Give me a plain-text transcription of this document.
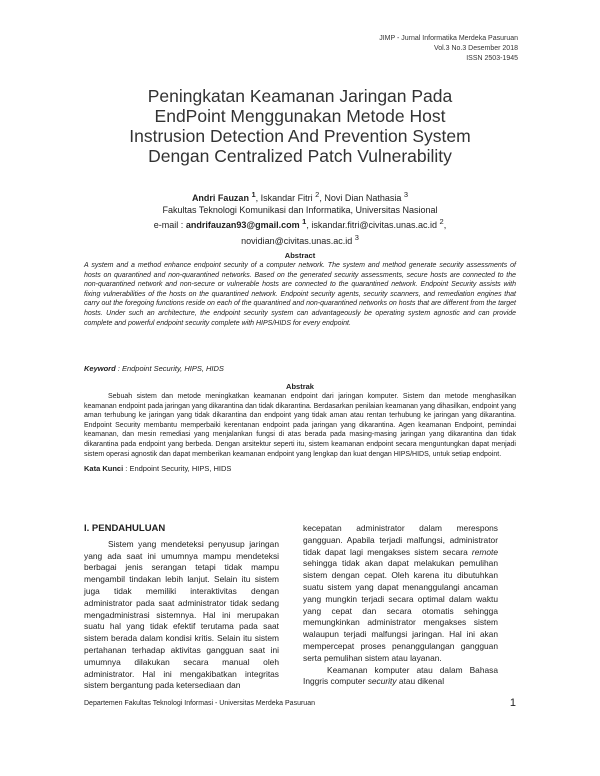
JIMP - Jurnal Informatika Merdeka Pasuruan
Vol.3 No.3 Desember 2018
ISSN 2503-1945
Peningkatan Keamanan Jaringan Pada
EndPoint Menggunakan Metode Host
Instrusion Detection And Prevention System
Dengan Centralized Patch Vulnerability
Andri Fauzan $^1$, Iskandar Fitri $^2$, Novi Dian Nathasia $^3$
Fakultas Teknologi Komunikasi dan Informatika, Universitas Nasional
e-mail : andrifauzan93@gmail.com $^1$, iskandar.fitri@civitas.unas.ac.id $^2$,
novidian@civitas.unas.ac.id $^3$
Abstract
A system and a method enhance endpoint security of a computer network. The system and method generate security assessments of hosts on quarantined and non-quarantined networks. Based on the generated security assessments, secure hosts are connected to the non-quarantined network and non-secure or vulnerable hosts are connected to the quarantined network. Endpoint Security assists with fixing vulnerabilities of the hosts on the quarantined network. Endpoint security agents, security scanners, and remediation engines that carry out the foregoing functions reside on each of the quarantined and non-quarantined networks on hosts that are different from the target hosts. Under such an architecture, the endpoint security system can advantageously be operating system agnostic and can provide complete and powerful endpoint security complete with HIPS/HIDS for every endpoint.
Keyword : Endpoint Security, HIPS, HIDS
Abstrak
Sebuah sistem dan metode meningkatkan keamanan endpoint dari jaringan komputer. Sistem dan metode menghasilkan keamanan endpoint pada jaringan yang dikarantina dan tidak dikarantina. Berdasarkan penilaian keamanan yang dihasilkan, endpoint yang aman terhubung ke jaringan yang tidak dikarantina dan endpoint yang tidak aman atau rentan terhubung ke jaringan yang dikarantina. Endpoint Security membantu memperbaiki kerentanan endpoint pada jaringan yang dikarantina. Agen keamanan Endpoint, pemindai keamanan, dan mesin remediasi yang menjalankan fungsi di atas berada pada masing-masing jaringan yang dikarantina dan tidak dikarantina pada endpoint yang berbeda. Dengan arsitektur seperti itu, sistem keamanan endpoint secara menguntungkan dapat menjadi sistem operasi agnostik dan dapat memberikan keamanan endpoint yang lengkap dan kuat dengan HIPS/HIDS, untuk setiap endpoint.
Kata Kunci : Endpoint Security, HIPS, HIDS
I. PENDAHULUAN

Sistem yang mendeteksi penyusup jaringan yang ada saat ini umumnya mampu mendeteksi berbagai jenis serangan tetapi tidak mampu mengambil tindakan lebih lanjut. Selain itu sistem juga tidak memiliki interaktivitas dengan administrator pada saat administrator tidak sedang mengadministrasi sistemnya. Hal ini merupakan suatu hal yang tidak efektif terutama pada saat sistem berada dalam kondisi kritis. Selain itu sistem pertahanan terhadap aktivitas gangguan saat ini umumnya dilakukan secara manual oleh administrator. Hal ini mengakibatkan integritas sistem bergantung pada ketersediaan dan

kecepatan administrator dalam merespons gangguan. Apabila terjadi malfungsi, administrator tidak dapat lagi mengakses sistem secara remote sehingga tidak akan dapat melakukan pemulihan sistem dengan cepat. Oleh karena itu dibutuhkan suatu sistem yang dapat menanggulangi ancaman yang mungkin terjadi secara optimal dalam waktu yang cepat dan secara otomatis sehingga memungkinkan administrator mengakses sistem walaupun terjadi malfungsi jaringan. Hal ini akan mempercepat proses penanggulangan gangguan serta pemulihan sistem atau layanan.

Keamanan komputer atau dalam Bahasa Inggris computer security atau dikenal

Departemen Fakultas Teknologi Informasi - Universitas Merdeka Pasuruan	1
